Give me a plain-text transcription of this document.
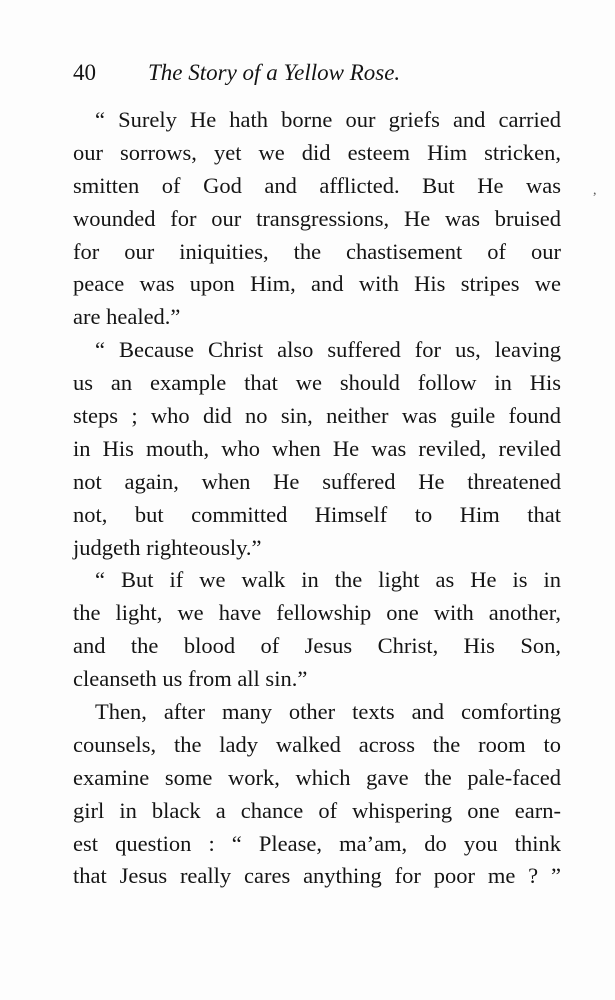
40 The Story of a Yellow Rose.
,
“ Surely He hath borne our griefs and carried
our sorrows, yet we did esteem Him stricken,
smitten of God and afflicted. But He was
wounded for our transgressions, He was bruised
for our iniquities, the chastisement of our
peace was upon Him, and with His stripes we
are healed.”
“ Because Christ also suffered for us, leaving
us an example that we should follow in His
steps ; who did no sin, neither was guile found
in His mouth, who when He was reviled, reviled
not again, when He suffered He threatened
not, but committed Himself to Him that
judgeth righteously.”
“ But if we walk in the light as He is in
the light, we have fellowship one with another,
and the blood of Jesus Christ, His Son,
cleanseth us from all sin.”
Then, after many other texts and comforting
counsels, the lady walked across the room to
examine some work, which gave the pale-faced
girl in black a chance of whispering one earn-
est question : “ Please, ma’am, do you think
that Jesus really cares anything for poor me ? ”
